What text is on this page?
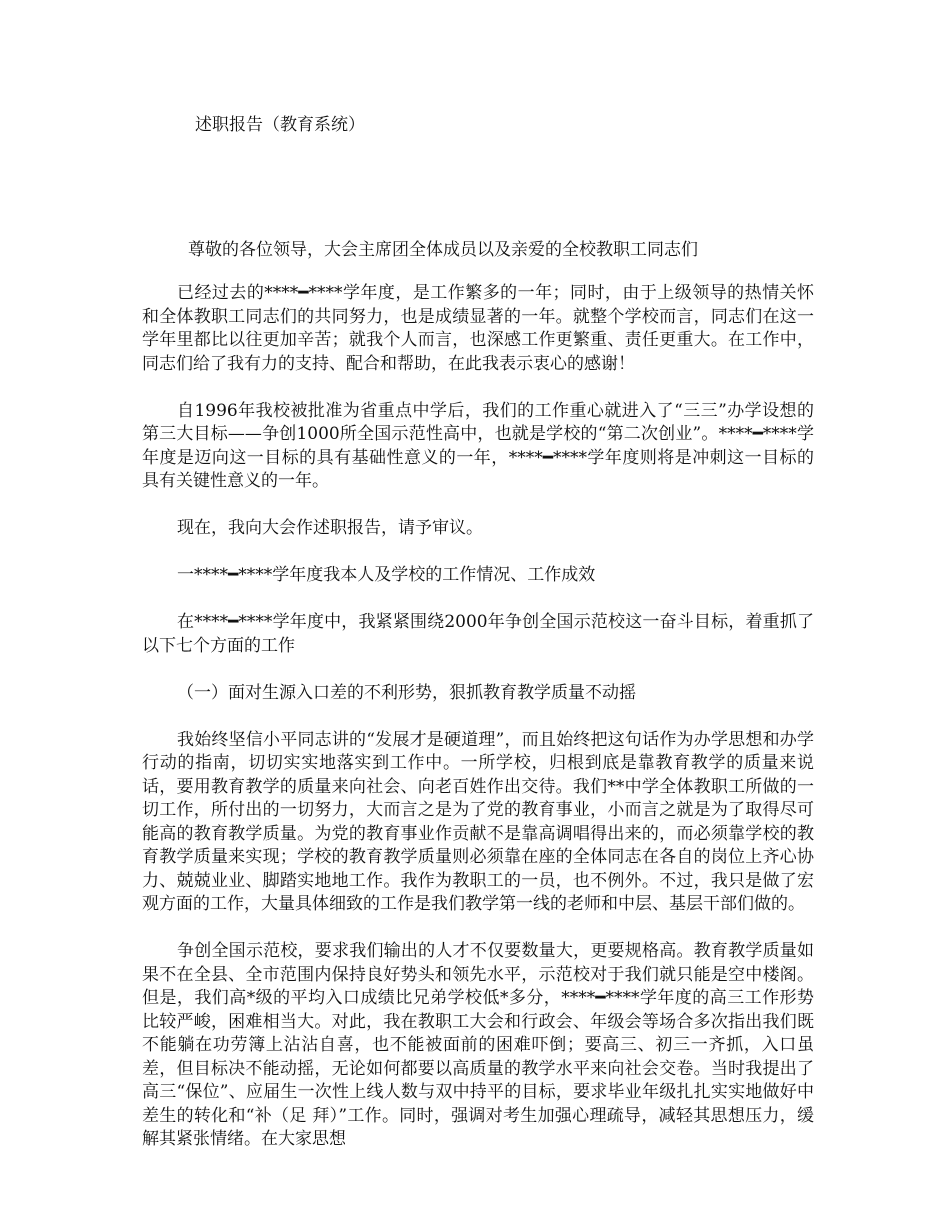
述职报告（教育系统）
尊敬的各位领导，大会主席团全体成员以及亲爱的全校教职工同志们

已经过去的****━****学年度，是工作繁多的一年；同时，由于上级领导的热情关怀和全体教职工同志们的共同努力，也是成绩显著的一年。就整个学校而言，同志们在这一学年里都比以往更加辛苦；就我个人而言，也深感工作更繁重、责任更重大。在工作中，同志们给了我有力的支持、配合和帮助，在此我表示衷心的感谢！

自1996年我校被批准为省重点中学后，我们的工作重心就进入了“三三”办学设想的第三大目标——争创1000所全国示范性高中，也就是学校的“第二次创业”。****━****学年度是迈向这一目标的具有基础性意义的一年，****━****学年度则将是冲刺这一目标的具有关键性意义的一年。

现在，我向大会作述职报告，请予审议。

一****━****学年度我本人及学校的工作情况、工作成效

在****━****学年度中，我紧紧围绕2000年争创全国示范校这一奋斗目标，着重抓了以下七个方面的工作

（一）面对生源入口差的不利形势，狠抓教育教学质量不动摇

我始终坚信小平同志讲的“发展才是硬道理”，而且始终把这句话作为办学思想和办学行动的指南，切切实实地落实到工作中。一所学校，归根到底是靠教育教学的质量来说话，要用教育教学的质量来向社会、向老百姓作出交待。我们**中学全体教职工所做的一切工作，所付出的一切努力，大而言之是为了党的教育事业，小而言之就是为了取得尽可能高的教育教学质量。为党的教育事业作贡献不是靠高调唱得出来的，而必须靠学校的教育教学质量来实现；学校的教育教学质量则必须靠在座的全体同志在各自的岗位上齐心协力、兢兢业业、脚踏实地地工作。我作为教职工的一员，也不例外。不过，我只是做了宏观方面的工作，大量具体细致的工作是我们教学第一线的老师和中层、基层干部们做的。

争创全国示范校，要求我们输出的人才不仅要数量大，更要规格高。教育教学质量如果不在全县、全市范围内保持良好势头和领先水平，示范校对于我们就只能是空中楼阁。但是，我们高*级的平均入口成绩比兄弟学校低*多分，****━****学年度的高三工作形势比较严峻，困难相当大。对此，我在教职工大会和行政会、年级会等场合多次指出我们既不能躺在功劳簿上沾沾自喜，也不能被面前的困难吓倒；要高三、初三一齐抓，入口虽差，但目标决不能动摇，无论如何都要以高质量的教学水平来向社会交卷。当时我提出了高三“保位”、应届生一次性上线人数与双中持平的目标，要求毕业年级扎扎实实地做好中差生的转化和“补（足 拜）”工作。同时，强调对考生加强心理疏导，减轻其思想压力，缓解其紧张情绪。在大家思想
